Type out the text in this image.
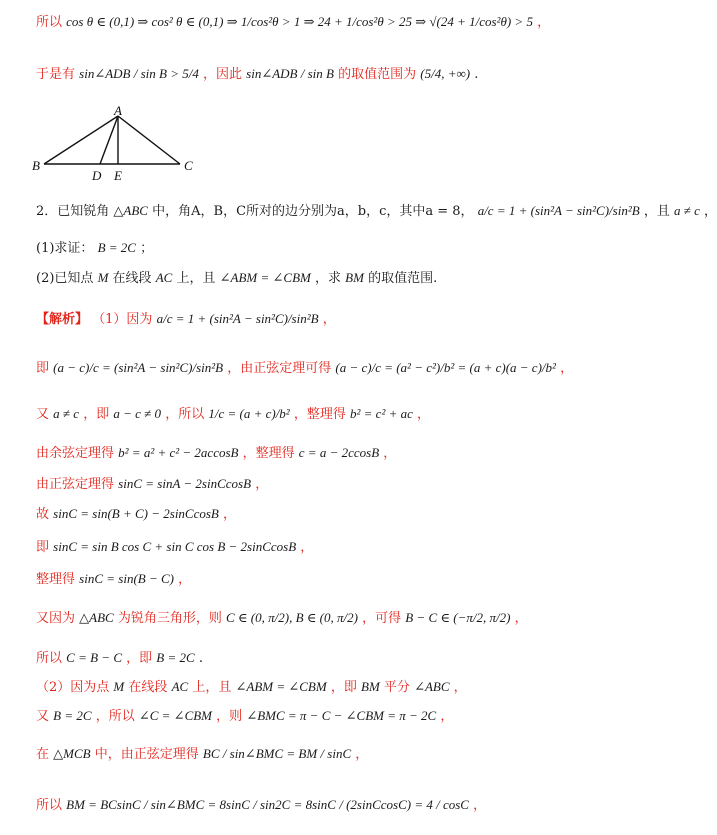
所以 cos θ ∈ (0,1) ⇒ cos² θ ∈ (0,1) ⇒ 1/cos²θ > 1 ⇒ 24 + 1/cos²θ > 25 ⇒ √(24 + 1/cos²θ) > 5 ，
于是有 sin∠ADB / sin B > 5/4 ，因此 sin∠ADB / sin B 的取值范围为 (5/4, +∞) .
A
B	C
D E
2．已知锐角 △ABC 中，角A，B，C所对的边分别为a，b，c，其中a = 8， a/c = 1 + (sin²A − sin²C)/sin²B ，且 a ≠ c ，
(1)求证： B = 2C ；
(2)已知点 M 在线段 AC 上，且 ∠ABM = ∠CBM ，求 BM 的取值范围.
【解析】 （1）因为 a/c = 1 + (sin²A − sin²C)/sin²B ，
即 (a − c)/c = (sin²A − sin²C)/sin²B ，由正弦定理可得 (a − c)/c = (a² − c²)/b² = (a + c)(a − c)/b² ，
又 a ≠ c ，即 a − c ≠ 0 ，所以 1/c = (a + c)/b² ，整理得 b² = c² + ac ，
由余弦定理得 b² = a² + c² − 2accosB ，整理得 c = a − 2ccosB ，
由正弦定理得 sinC = sinA − 2sinCcosB ，
故 sinC = sin(B + C) − 2sinCcosB ，
即 sinC = sin B cos C + sin C cos B − 2sinCcosB ，
整理得 sinC = sin(B − C) ，
又因为 △ABC 为锐角三角形，则 C ∈ (0, π/2), B ∈ (0, π/2) ，可得 B − C ∈ (−π/2, π/2) ，
所以 C = B − C ，即 B = 2C .
（2）因为点 M 在线段 AC 上，且 ∠ABM = ∠CBM ，即 BM 平分 ∠ABC ，
又 B = 2C ，所以 ∠C = ∠CBM ，则 ∠BMC = π − C − ∠CBM = π − 2C ，
在 △MCB 中，由正弦定理得 BC / sin∠BMC = BM / sinC ，
所以 BM = BCsinC / sin∠BMC = 8sinC / sin2C = 8sinC / (2sinCcosC) = 4 / cosC ，
